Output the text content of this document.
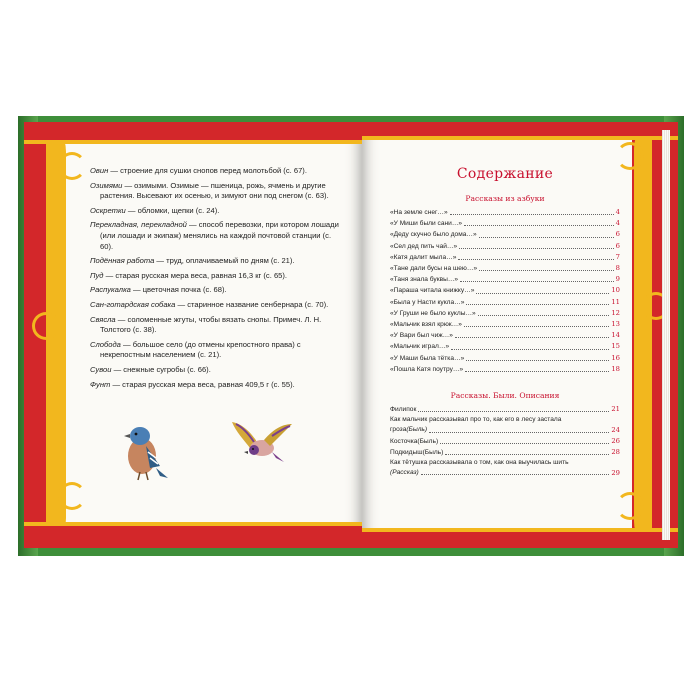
Овин — строение для сушки снопов перед молотьбой (с. 67).
Озимями — озимыми. Озимые — пшеница, рожь, ячмень и другие растения. Высевают их осенью, и зимуют они под снегом (с. 63).
Оскретки — обломки, щепки (с. 24).
Перекладная, перекладной — способ перевозки, при котором лошади (или лошади и экипаж) менялись на каждой почтовой станции (с. 60).
Подённая работа — труд, оплачиваемый по дням (с. 21).
Пуд — старая русская мера веса, равная 16,3 кг (с. 65).
Распукалка — цветочная почка (с. 68).
Сан-готардская собака — старинное название сенбернара (с. 70).
Свясла — соломенные жгуты, чтобы вязать снопы. Примеч. Л. Н. Толстого (с. 38).
Слобода — большое село (до отмены крепостного права) с некрепостным населением (с. 21).
Сувои — снежные сугробы (с. 66).
Фунт — старая русская мера веса, равная 409,5 г (с. 55).
Содержание
Рассказы из азбуки
«На земле снег…»	4
«У Миши были сани…»	4
«Деду скучно было дома…»	6
«Сел дед пить чай…»	6
«Катя далит мыла…»	7
«Тане дали бусы на шею…»	8
«Таня знала буквы…»	9
«Параша читала книжку…»	10
«Была у Насти кукла…»	11
«У Груши не было куклы…»	12
«Мальчик взял крюк…»	13
«У Вари был чиж…»	14
«Мальчик играл…»	15
«У Маши была тётка…»	16
«Пошла Катя поутру…»	18
Рассказы. Были. Описания
Филипок	21
Как мальчик рассказывал про то, как его в лесу застала
гроза (Быль)	24
Косточка (Быль)	26
Подкидыш (Быль)	28
Как тётушка рассказывала о том, как она выучилась шить
(Рассказ)	29
